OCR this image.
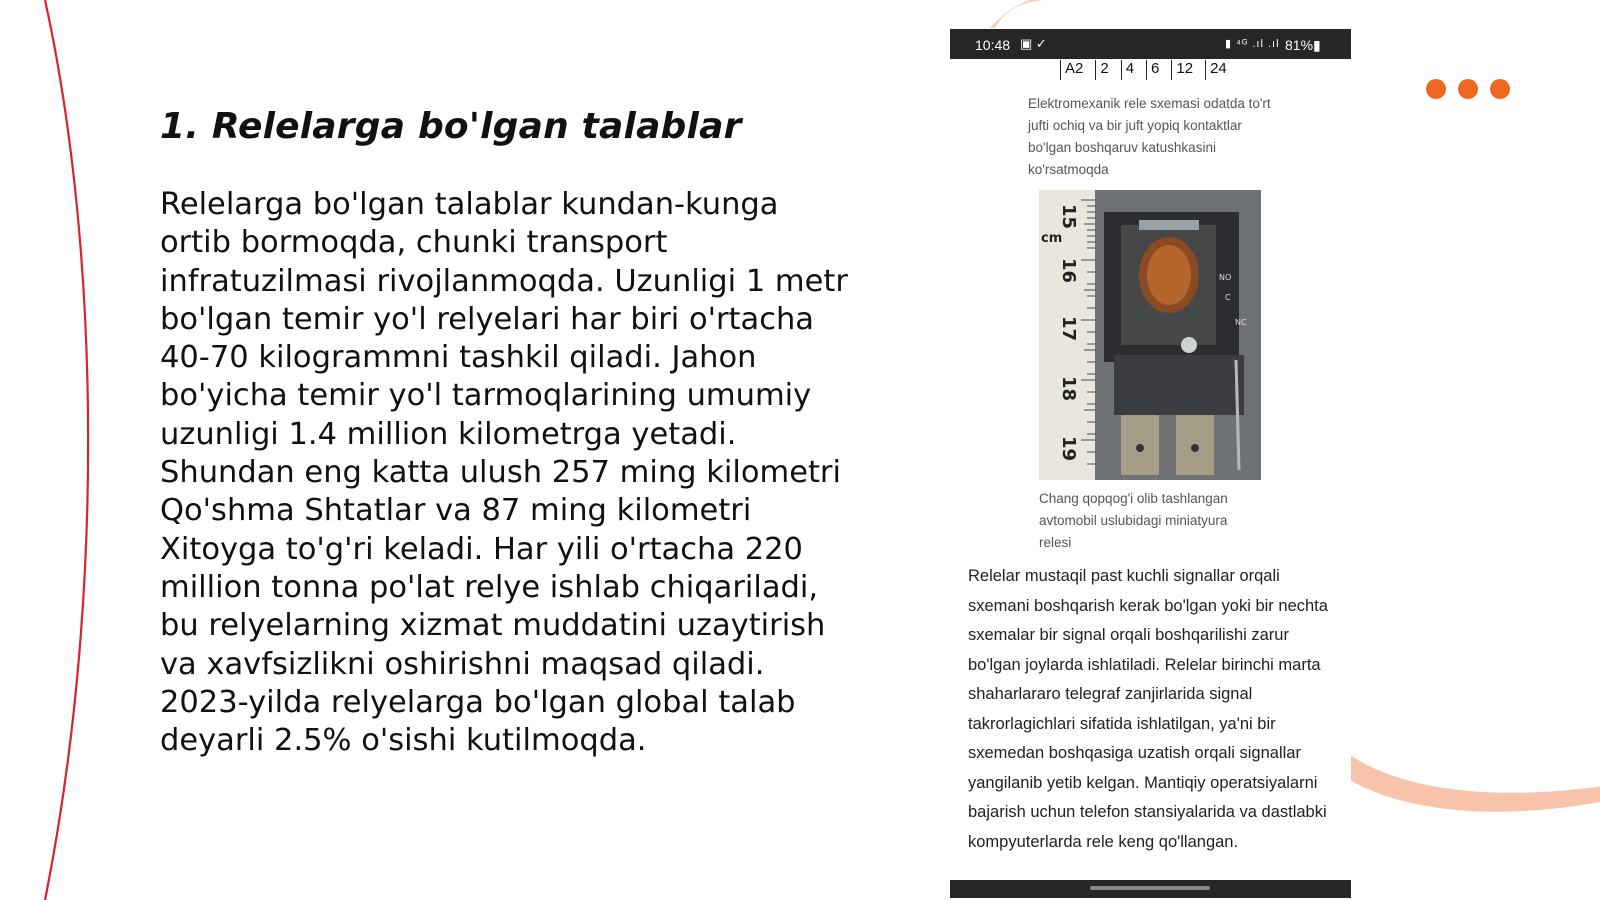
1. Relelarga bo'lgan talablar

Relelarga bo'lgan talablar kundan-kunga ortib bormoqda, chunki transport infratuzilmasi rivojlanmoqda. Uzunligi 1 metr bo'lgan temir yo'l relyelari har biri o'rtacha 40-70 kilogrammni tashkil qiladi. Jahon bo'yicha temir yo'l tarmoqlarining umumiy uzunligi 1.4 million kilometrga yetadi. Shundan eng katta ulush 257 ming kilometri Qo'shma Shtatlar va 87 ming kilometri Xitoyga to'g'ri keladi. Har yili o'rtacha 220 million tonna po'lat relye ishlab chiqariladi, bu relyelarning xizmat muddatini uzaytirish va xavfsizlikni oshirishni maqsad qiladi. 2023-yilda relyelarga bo'lgan global talab deyarli 2.5% o'sishi kutilmoqda.

10:48 ▣ ✓	▮ ⁴ᴳ .ıl .ıl 81%▮
A2	2	4	6	12	24
Elektromexanik rele sxemasi odatda to'rt jufti ochiq va bir juft yopiq kontaktlar bo'lgan boshqaruv katushkasini ko'rsatmoqda
15
16
17
18
19
cm
NO
C
NC
Chang qopqog'i olib tashlangan avtomobil uslubidagi miniatyura relesi
Relelar mustaqil past kuchli signallar orqali sxemani boshqarish kerak bo'lgan yoki bir nechta sxemalar bir signal orqali boshqarilishi zarur bo'lgan joylarda ishlatiladi. Relelar birinchi marta shaharlararo telegraf zanjirlarida signal takrorlagichlari sifatida ishlatilgan, ya'ni bir sxemedan boshqasiga uzatish orqali signallar yangilanib yetib kelgan. Mantiqiy operatsiyalarni bajarish uchun telefon stansiyalarida va dastlabki kompyuterlarda rele keng qo'llangan.
